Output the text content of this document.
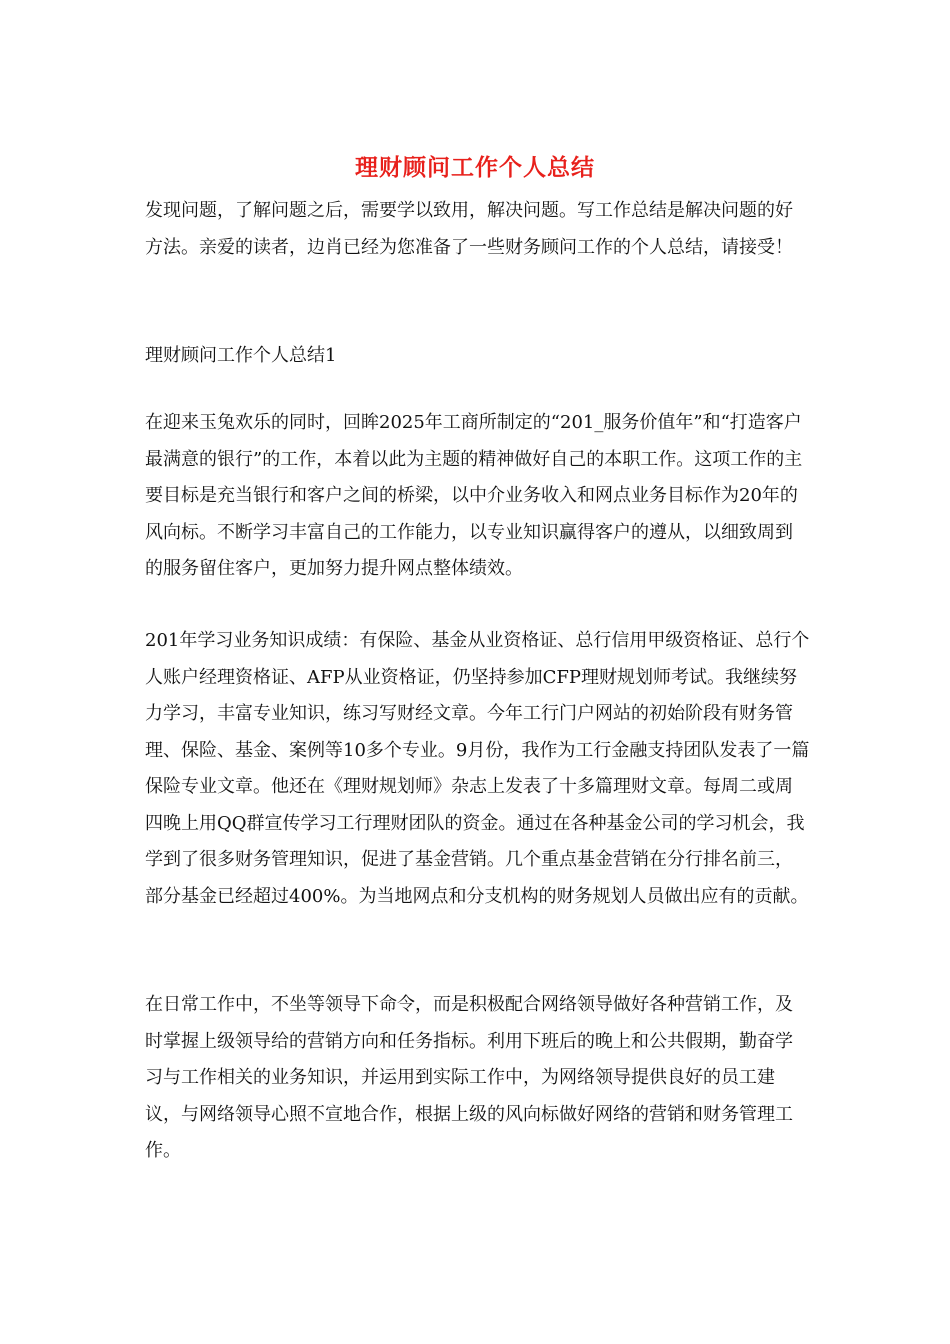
理财顾问工作个人总结

发现问题，了解问题之后，需要学以致用，解决问题。写工作总结是解决问题的好方法。亲爱的读者，边肖已经为您准备了一些财务顾问工作的个人总结，请接受！

理财顾问工作个人总结1

在迎来玉兔欢乐的同时，回眸2025年工商所制定的“201_服务价值年”和“打造客户最满意的银行”的工作，本着以此为主题的精神做好自己的本职工作。这项工作的主要目标是充当银行和客户之间的桥梁，以中介业务收入和网点业务目标作为20年的风向标。不断学习丰富自己的工作能力，以专业知识赢得客户的遵从，以细致周到的服务留住客户，更加努力提升网点整体绩效。

201年学习业务知识成绩：有保险、基金从业资格证、总行信用甲级资格证、总行个人账户经理资格证、AFP从业资格证，仍坚持参加CFP理财规划师考试。我继续努力学习，丰富专业知识，练习写财经文章。今年工行门户网站的初始阶段有财务管理、保险、基金、案例等10多个专业。9月份，我作为工行金融支持团队发表了一篇保险专业文章。他还在《理财规划师》杂志上发表了十多篇理财文章。每周二或周四晚上用QQ群宣传学习工行理财团队的资金。通过在各种基金公司的学习机会，我学到了很多财务管理知识，促进了基金营销。几个重点基金营销在分行排名前三，部分基金已经超过400%。为当地网点和分支机构的财务规划人员做出应有的贡献。

在日常工作中，不坐等领导下命令，而是积极配合网络领导做好各种营销工作，及时掌握上级领导给的营销方向和任务指标。利用下班后的晚上和公共假期，勤奋学习与工作相关的业务知识，并运用到实际工作中，为网络领导提供良好的员工建议，与网络领导心照不宣地合作，根据上级的风向标做好网络的营销和财务管理工作。
